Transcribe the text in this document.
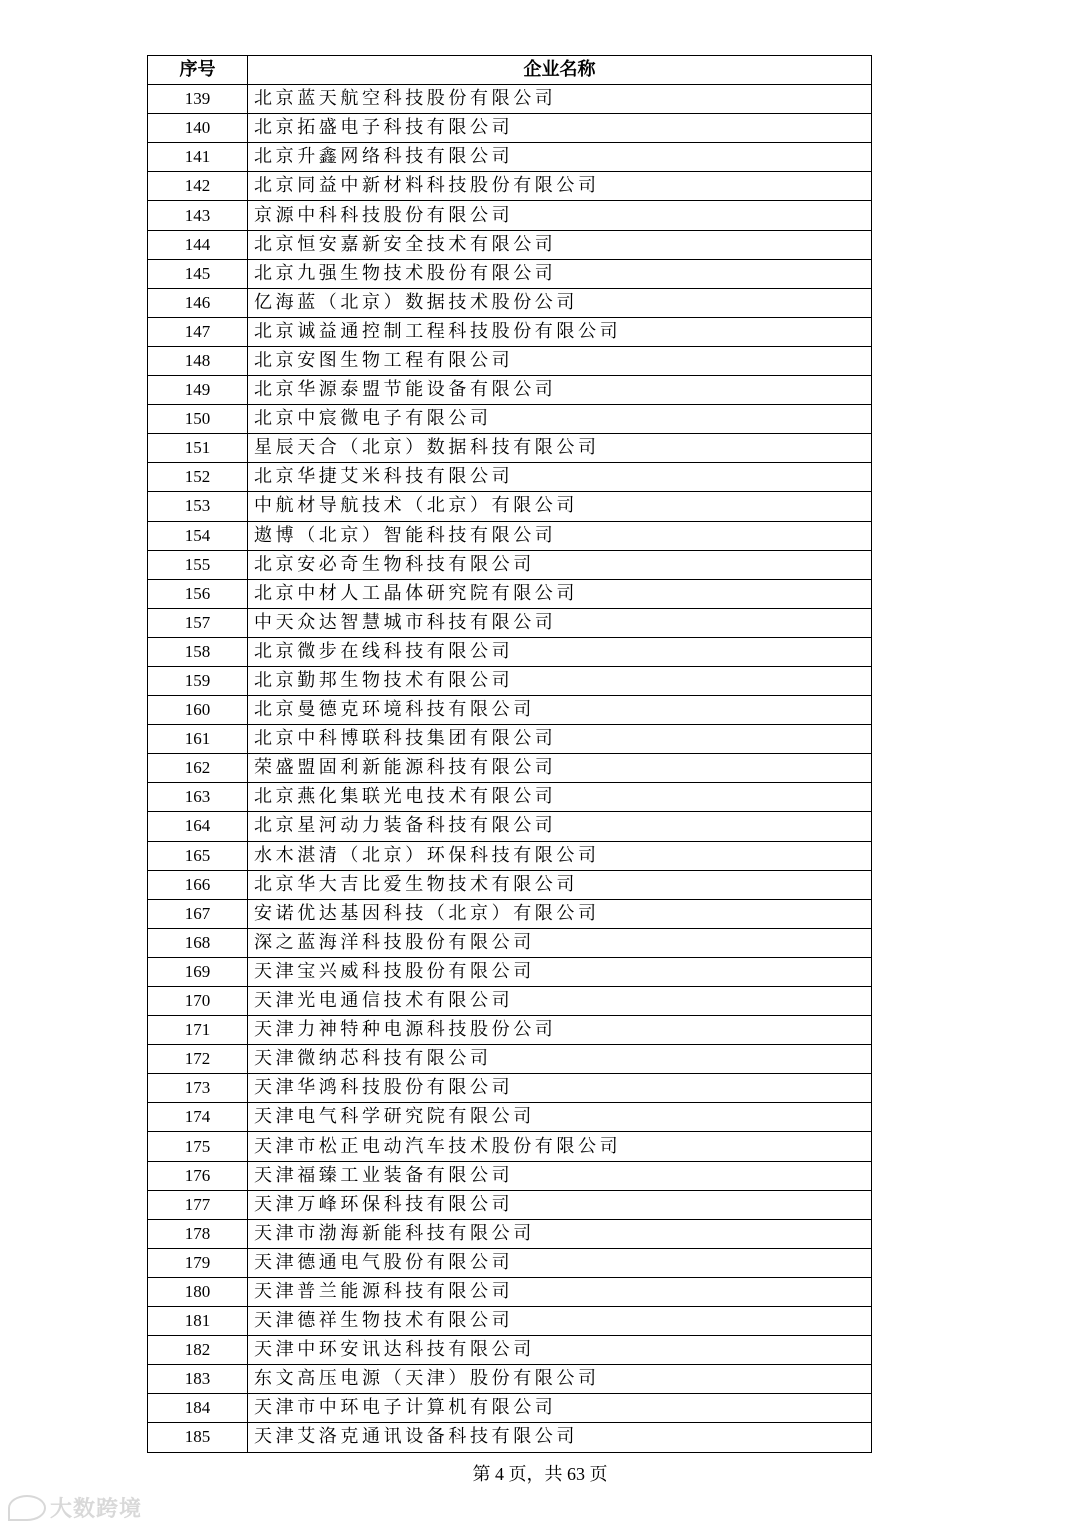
序号	企业名称
139	北京蓝天航空科技股份有限公司
140	北京拓盛电子科技有限公司
141	北京升鑫网络科技有限公司
142	北京同益中新材料科技股份有限公司
143	京源中科科技股份有限公司
144	北京恒安嘉新安全技术有限公司
145	北京九强生物技术股份有限公司
146	亿海蓝（北京）数据技术股份公司
147	北京诚益通控制工程科技股份有限公司
148	北京安图生物工程有限公司
149	北京华源泰盟节能设备有限公司
150	北京中宸微电子有限公司
151	星辰天合（北京）数据科技有限公司
152	北京华捷艾米科技有限公司
153	中航材导航技术（北京）有限公司
154	遨博（北京）智能科技有限公司
155	北京安必奇生物科技有限公司
156	北京中材人工晶体研究院有限公司
157	中天众达智慧城市科技有限公司
158	北京微步在线科技有限公司
159	北京勤邦生物技术有限公司
160	北京曼德克环境科技有限公司
161	北京中科博联科技集团有限公司
162	荣盛盟固利新能源科技有限公司
163	北京燕化集联光电技术有限公司
164	北京星河动力装备科技有限公司
165	水木湛清（北京）环保科技有限公司
166	北京华大吉比爱生物技术有限公司
167	安诺优达基因科技（北京）有限公司
168	深之蓝海洋科技股份有限公司
169	天津宝兴威科技股份有限公司
170	天津光电通信技术有限公司
171	天津力神特种电源科技股份公司
172	天津微纳芯科技有限公司
173	天津华鸿科技股份有限公司
174	天津电气科学研究院有限公司
175	天津市松正电动汽车技术股份有限公司
176	天津福臻工业装备有限公司
177	天津万峰环保科技有限公司
178	天津市渤海新能科技有限公司
179	天津德通电气股份有限公司
180	天津普兰能源科技有限公司
181	天津德祥生物技术有限公司
182	天津中环安讯达科技有限公司
183	东文高压电源（天津）股份有限公司
184	天津市中环电子计算机有限公司
185	天津艾洛克通讯设备科技有限公司
第 4 页，共 63 页
大数跨境
